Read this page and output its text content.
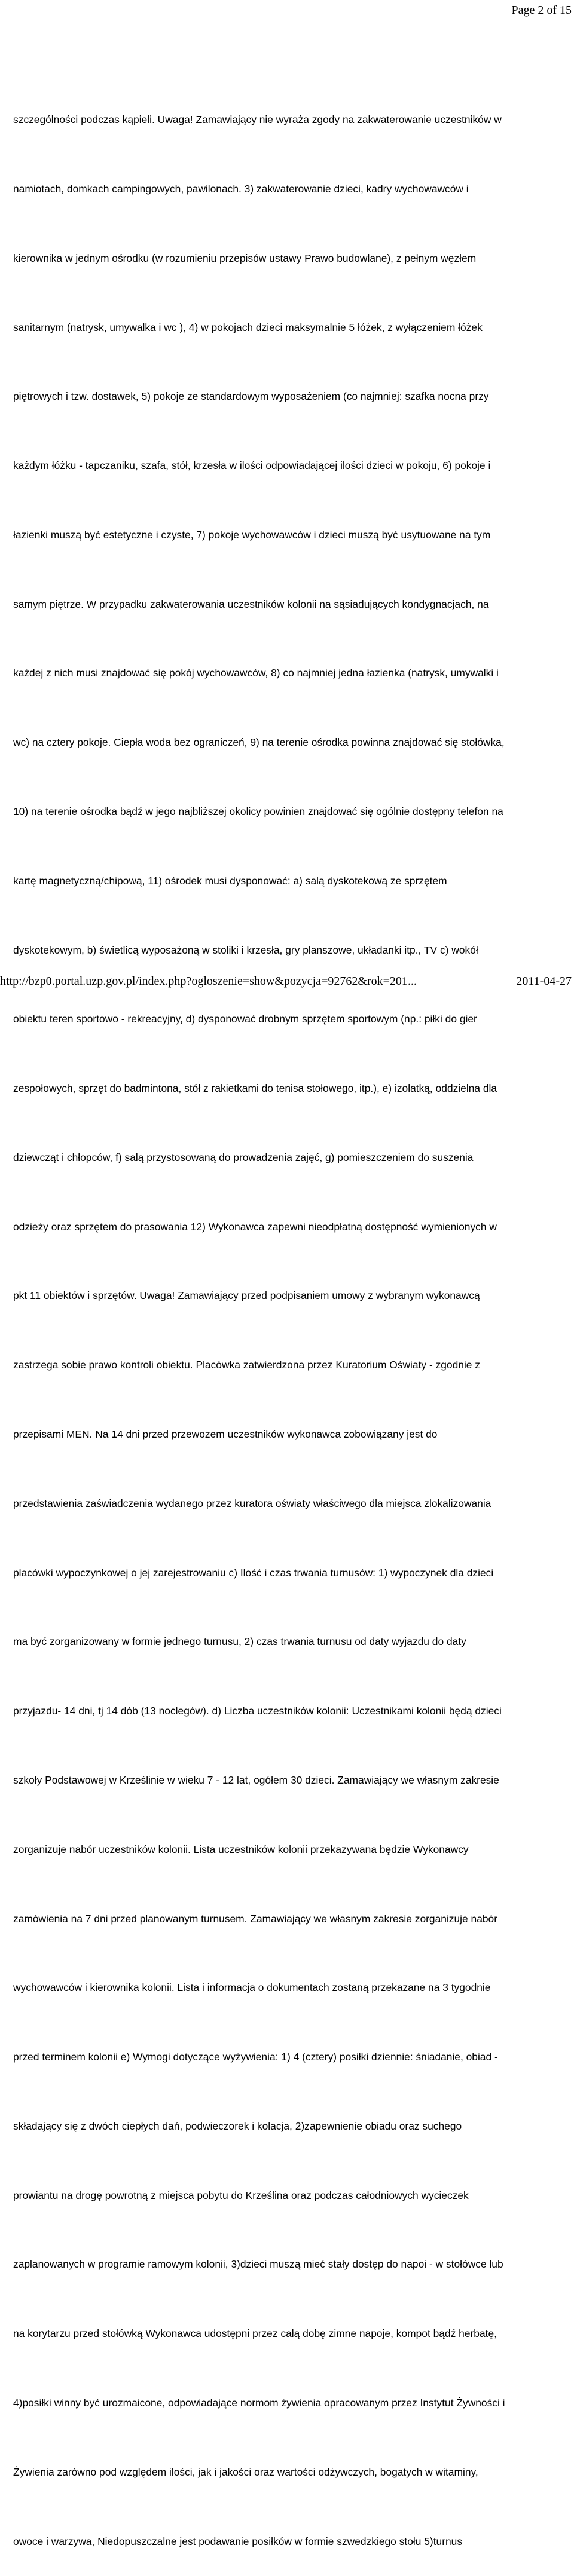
Page 2 of 15

szczególności podczas kąpieli. Uwaga! Zamawiający nie wyraża zgody na zakwaterowanie uczestników w

namiotach, domkach campingowych, pawilonach. 3) zakwaterowanie dzieci, kadry wychowawców i

kierownika w jednym ośrodku (w rozumieniu przepisów ustawy Prawo budowlane), z pełnym węzłem

sanitarnym (natrysk, umywalka i wc ), 4) w pokojach dzieci maksymalnie 5 łóżek, z wyłączeniem łóżek

piętrowych i tzw. dostawek, 5) pokoje ze standardowym wyposażeniem (co najmniej: szafka nocna przy

każdym łóżku - tapczaniku, szafa, stół, krzesła w ilości odpowiadającej ilości dzieci w pokoju, 6) pokoje i

łazienki muszą być estetyczne i czyste, 7) pokoje wychowawców i dzieci muszą być usytuowane na tym

samym piętrze. W przypadku zakwaterowania uczestników kolonii na sąsiadujących kondygnacjach, na

każdej z nich musi znajdować się pokój wychowawców, 8) co najmniej jedna łazienka (natrysk, umywalki i

wc) na cztery pokoje. Ciepła woda bez ograniczeń, 9) na terenie ośrodka powinna znajdować się stołówka,

10) na terenie ośrodka bądź w jego najbliższej okolicy powinien znajdować się ogólnie dostępny telefon na

kartę magnetyczną/chipową, 11) ośrodek musi dysponować: a) salą dyskotekową ze sprzętem

dyskotekowym, b) świetlicą wyposażoną w stoliki i krzesła, gry planszowe, układanki itp., TV c) wokół

obiektu teren sportowo - rekreacyjny, d) dysponować drobnym sprzętem sportowym (np.: piłki do gier

zespołowych, sprzęt do badmintona, stół z rakietkami do tenisa stołowego, itp.), e) izolatką, oddzielna dla

dziewcząt i chłopców, f) salą przystosowaną do prowadzenia zajęć, g) pomieszczeniem do suszenia

odzieży oraz sprzętem do prasowania 12) Wykonawca zapewni nieodpłatną dostępność wymienionych w

pkt 11 obiektów i sprzętów. Uwaga! Zamawiający przed podpisaniem umowy z wybranym wykonawcą

zastrzega sobie prawo kontroli obiektu. Placówka zatwierdzona przez Kuratorium Oświaty - zgodnie z

przepisami MEN. Na 14 dni przed przewozem uczestników wykonawca zobowiązany jest do

przedstawienia zaświadczenia wydanego przez kuratora oświaty właściwego dla miejsca zlokalizowania

placówki wypoczynkowej o jej zarejestrowaniu c) Ilość i czas trwania turnusów: 1) wypoczynek dla dzieci

ma być zorganizowany w formie jednego turnusu, 2) czas trwania turnusu od daty wyjazdu do daty

przyjazdu- 14 dni, tj 14 dób (13 noclegów). d) Liczba uczestników kolonii: Uczestnikami kolonii będą dzieci

szkoły Podstawowej w Krześlinie w wieku 7 - 12 lat, ogółem 30 dzieci. Zamawiający we własnym zakresie

zorganizuje nabór uczestników kolonii. Lista uczestników kolonii przekazywana będzie Wykonawcy

zamówienia na 7 dni przed planowanym turnusem. Zamawiający we własnym zakresie zorganizuje nabór

wychowawców i kierownika kolonii. Lista i informacja o dokumentach zostaną przekazane na 3 tygodnie

przed terminem kolonii e) Wymogi dotyczące wyżywienia: 1) 4 (cztery) posiłki dziennie: śniadanie, obiad -

składający się z dwóch ciepłych dań, podwieczorek i kolacja, 2)zapewnienie obiadu oraz suchego

prowiantu na drogę powrotną z miejsca pobytu do Krześlina oraz podczas całodniowych wycieczek

zaplanowanych w programie ramowym kolonii, 3)dzieci muszą mieć stały dostęp do napoi - w stołówce lub

na korytarzu przed stołówką Wykonawca udostępni przez całą dobę zimne napoje, kompot bądź herbatę,

4)posiłki winny być urozmaicone, odpowiadające normom żywienia opracowanym przez Instytut Żywności i

Żywienia zarówno pod względem ilości, jak i jakości oraz wartości odżywczych, bogatych w witaminy,

owoce i warzywa, Niedopuszczalne jest podawanie posiłków w formie szwedzkiego stołu 5)turnus

http://bzp0.portal.uzp.gov.pl/index.php?ogloszenie=show&pozycja=92762&rok=201...	2011-04-27
